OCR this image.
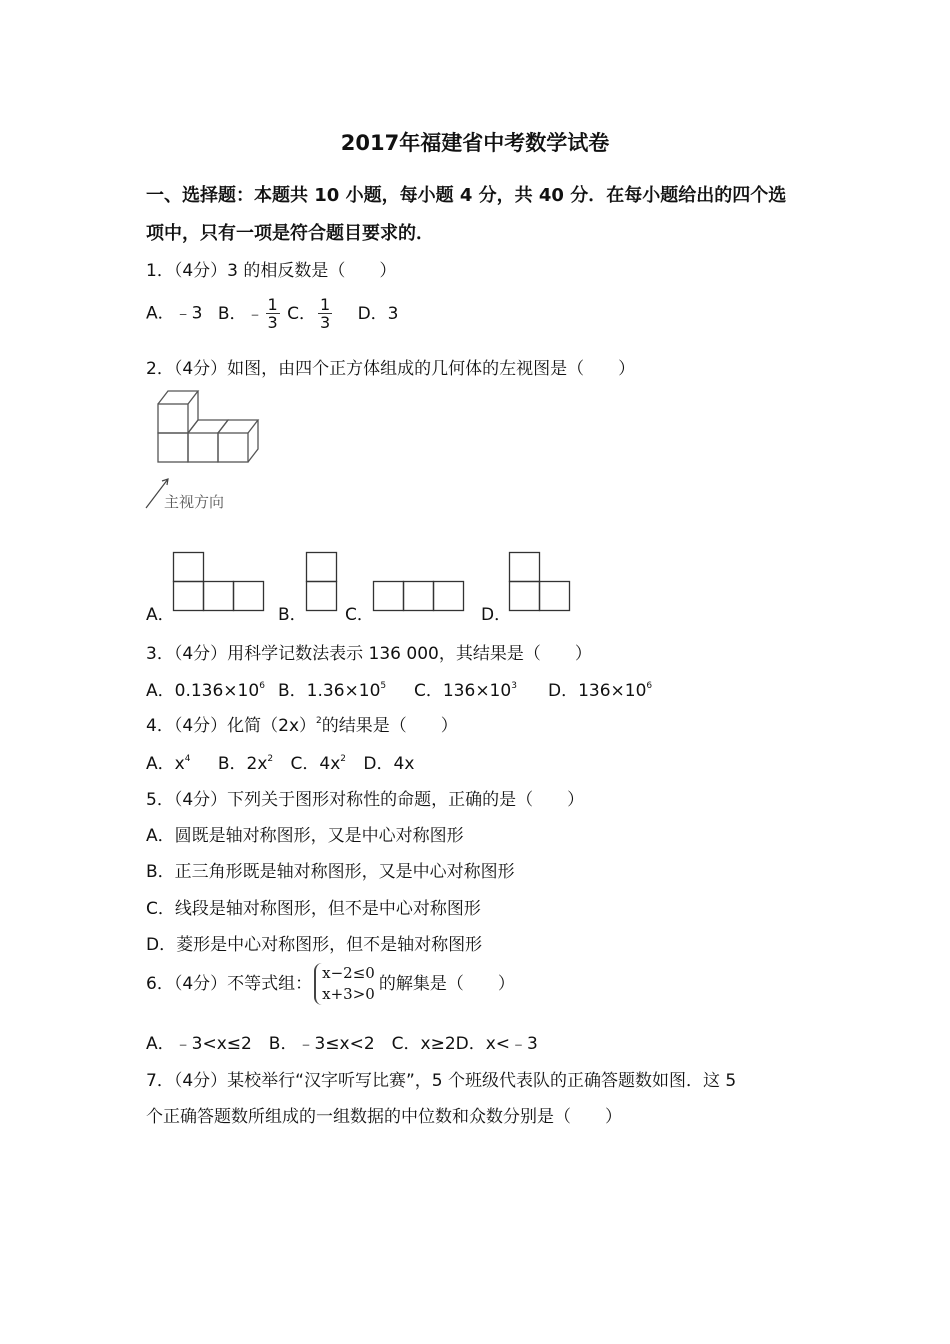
2017年福建省中考数学试卷
一、选择题：本题共 10 小题，每小题 4 分，共 40 分．在每小题给出的四个选
项中，只有一项是符合题目要求的．
1．（4分）3 的相反数是（　　）
A．﹣3 B．﹣ $\frac{1}{3}$ C． $\frac{1}{3}$ D．3
2．（4分）如图，由四个正方体组成的几何体的左视图是（　　）
主视方向
A．	B． C．	D．
3．（4分）用科学记数法表示 136 000，其结果是（　　）
A．$0.136\times 10^6$ B．$1.36\times 10^5$ C．$136\times 10^3$ D．$136\times 10^6$
4．（4分）化简$(2x)^2$的结果是（　　）
A．$x^4$ B．$2x^2$ C．$4x^2$ D．4x
5．（4分）下列关于图形对称性的命题，正确的是（　　）
A．圆既是轴对称图形，又是中心对称图形
B．正三角形既是轴对称图形，又是中心对称图形
C．线段是轴对称图形，但不是中心对称图形
D．菱形是中心对称图形，但不是轴对称图形
6．（4分）不等式组：
x−2≤0
x+3>0 的解集是（　　）
A．﹣3<x≤2　B．﹣3≤x<2　C．x≥2D．x<﹣3
7．（4分）某校举行“汉字听写比赛”，5 个班级代表队的正确答题数如图．这 5
个正确答题数所组成的一组数据的中位数和众数分别是（　　）
